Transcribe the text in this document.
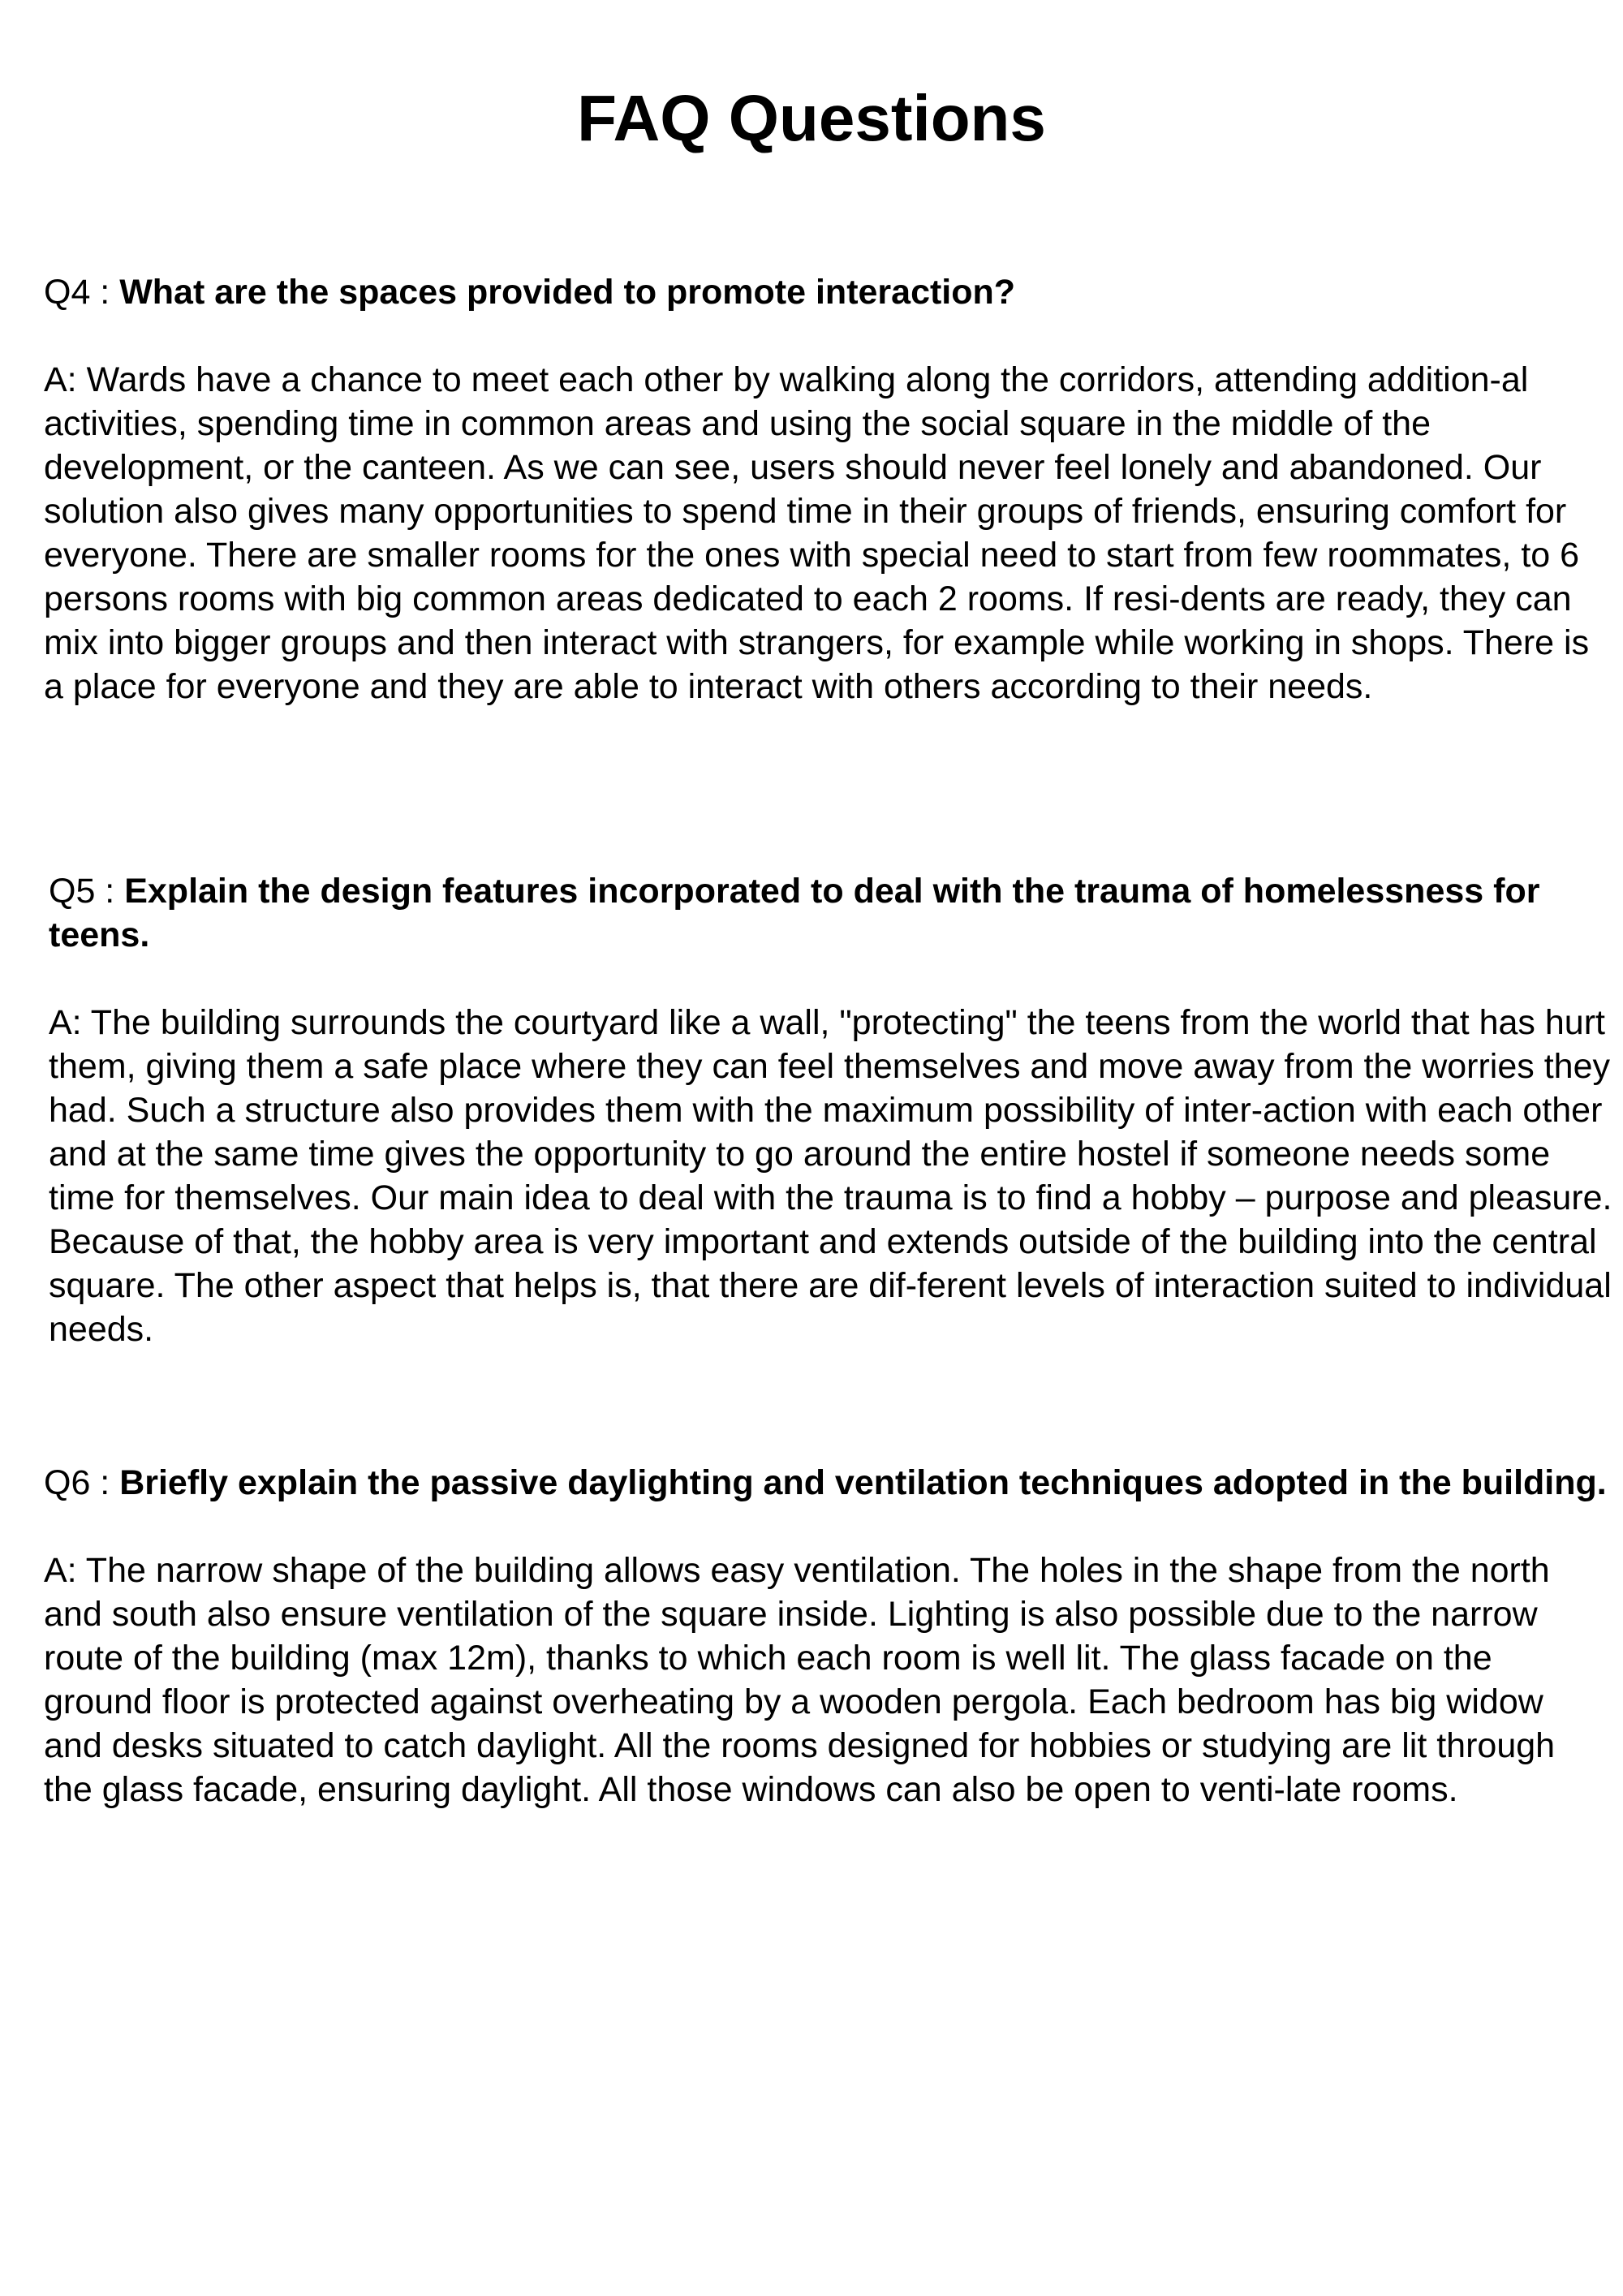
FAQ Questions

Q4 : What are the spaces provided to promote interaction?

A: Wards have a chance to meet each other by walking along the corridors, attending addition-al activities, spending time in common areas and using the social square in the middle of the development, or the canteen. As we can see, users should never feel lonely and abandoned. Our solution also gives many opportunities to spend time in their groups of friends, ensuring comfort for everyone. There are smaller rooms for the ones with special need to start from few roommates, to 6 persons rooms with big common areas dedicated to each 2 rooms. If resi-dents are ready, they can mix into bigger groups and then interact with strangers, for example while working in shops. There is a place for everyone and they are able to interact with others according to their needs.

Q5 : Explain the design features incorporated to deal with the trauma of homelessness for teens.

A: The building surrounds the courtyard like a wall, "protecting" the teens from the world that has hurt them, giving them a safe place where they can feel themselves and move away from the worries they had. Such a structure also provides them with the maximum possibility of inter-action with each other and at the same time gives the opportunity to go around the entire hostel if someone needs some time for themselves. Our main idea to deal with the trauma is to find a hobby – purpose and pleasure. Because of that, the hobby area is very important and extends outside of the building into the central square. The other aspect that helps is, that there are dif-ferent levels of interaction suited to individual needs.

Q6 : Briefly explain the passive daylighting and ventilation techniques adopted in the building.

A: The narrow shape of the building allows easy ventilation. The holes in the shape from the north and south also ensure ventilation of the square inside. Lighting is also possible due to the narrow route of the building (max 12m), thanks to which each room is well lit. The glass facade on the ground floor is protected against overheating by a wooden pergola. Each bedroom has big widow and desks situated to catch daylight. All the rooms designed for hobbies or studying are lit through the glass facade, ensuring daylight. All those windows can also be open to venti-late rooms.
